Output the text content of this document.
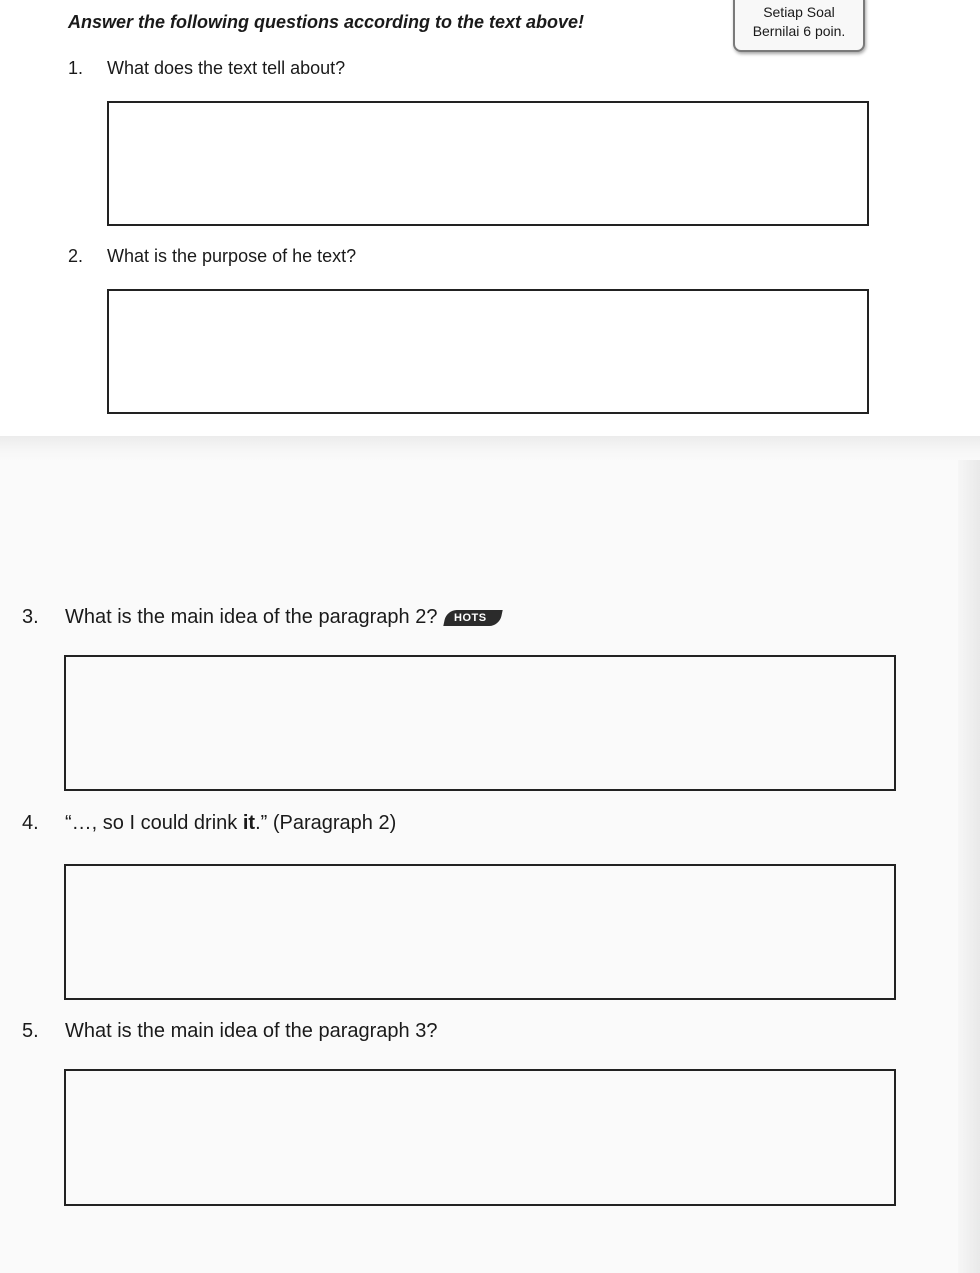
Answer the following questions according to the text above!	Setiap Soal
Bernilai 6 poin.
1. What does the text tell about?
2. What is the purpose of he text?
3. What is the main idea of the paragraph 2? HOTS
4. “…, so I could drink it.” (Paragraph 2)
5. What is the main idea of the paragraph 3?
